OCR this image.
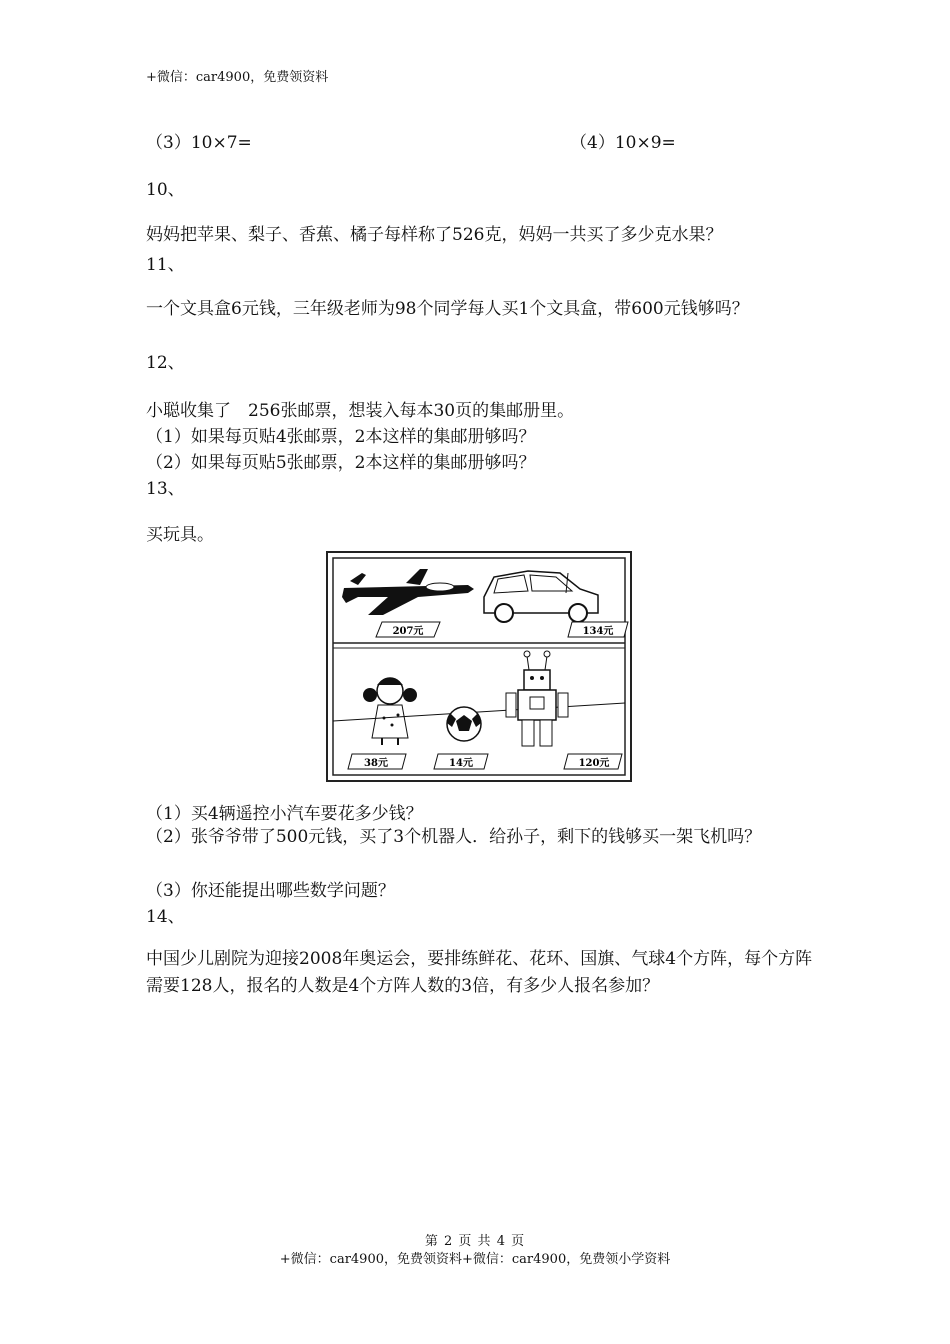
+微信：car4900，免费领资料
（3）10×7=	（4）10×9=
10、
妈妈把苹果、梨子、香蕉、橘子每样称了526克，妈妈一共买了多少克水果？
11、
一个文具盒6元钱，三年级老师为98个同学每人买1个文具盒，带600元钱够吗？
12、
小聪收集了　256张邮票，想装入每本30页的集邮册里。
（1）如果每页贴4张邮票，2本这样的集邮册够吗？
（2）如果每页贴5张邮票，2本这样的集邮册够吗？
13、
买玩具。
207元	134元
38元	14元	120元
（1）买4辆遥控小汽车要花多少钱？
（2）张爷爷带了500元钱，买了3个机器人．给孙子，剩下的钱够买一架飞机吗？
（3）你还能提出哪些数学问题？
14、
中国少儿剧院为迎接2008年奥运会，要排练鲜花、花环、国旗、气球4个方阵，每个方阵需要128人，报名的人数是4个方阵人数的3倍，有多少人报名参加？
第 2 页 共 4 页
+微信：car4900，免费领资料+微信：car4900，免费领小学资料
